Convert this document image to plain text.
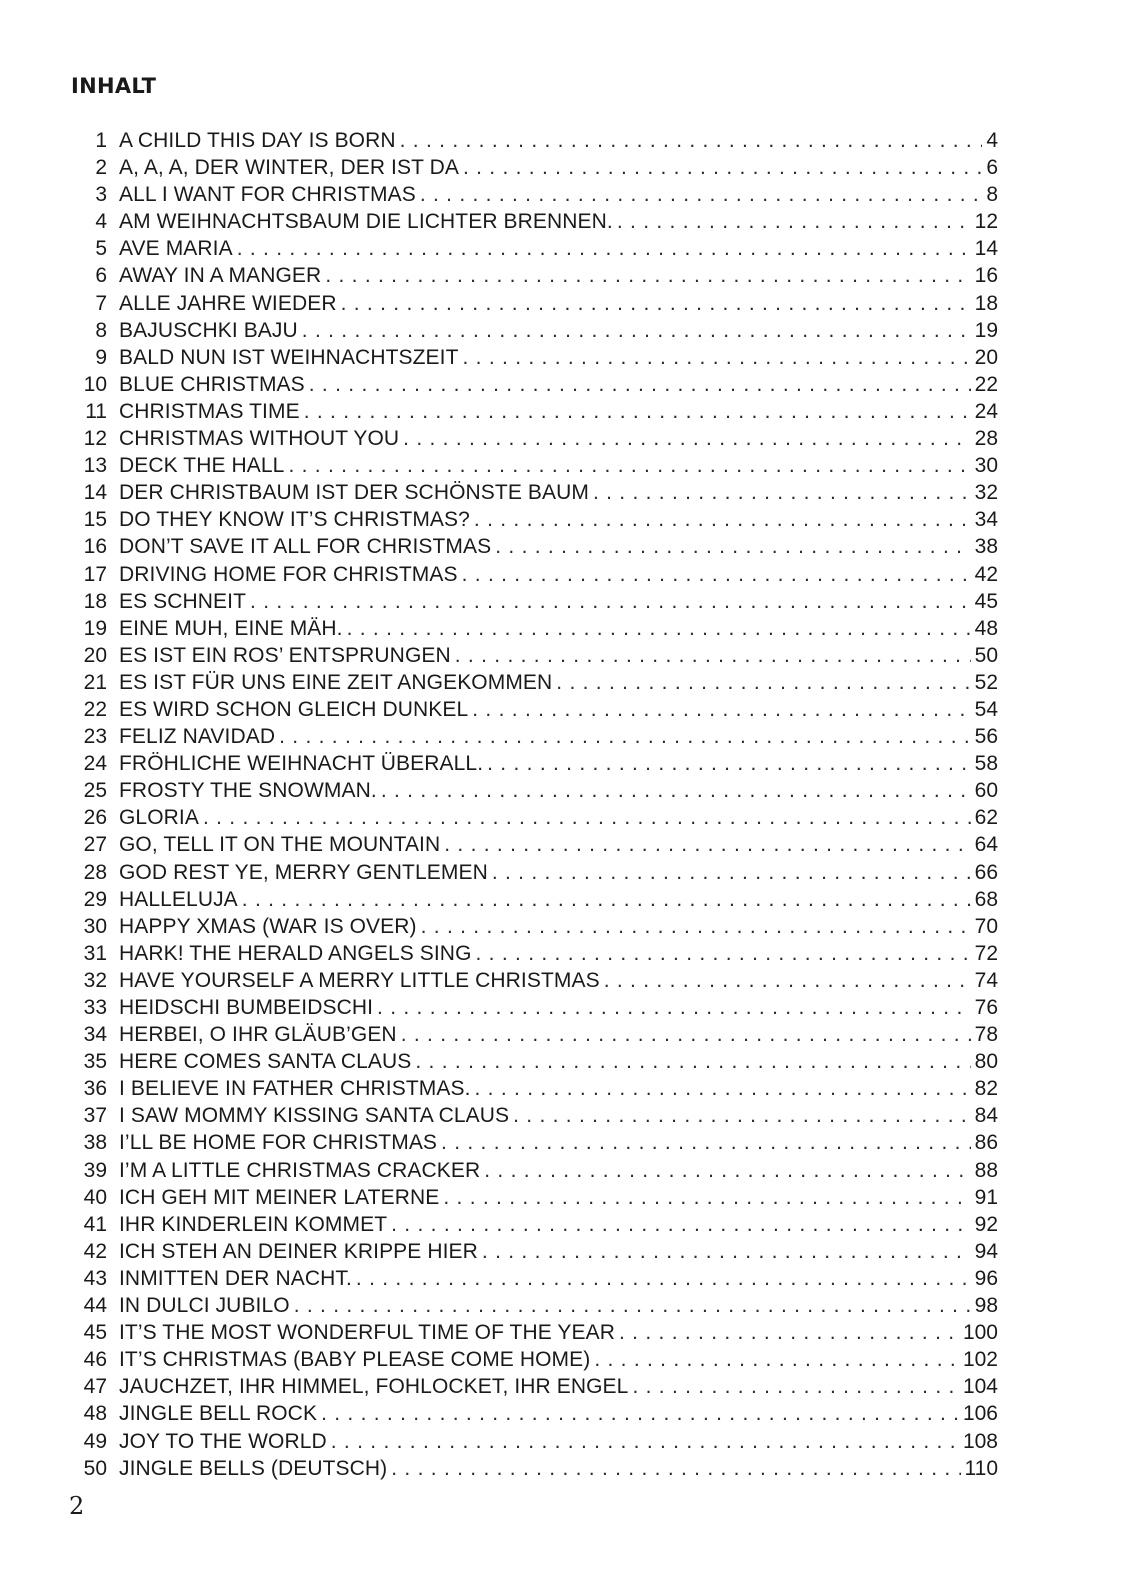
INHALT
1 A CHILD THIS DAY IS BORN . . .	4
2 A, A, A, DER WINTER, DER IST DA . . .	6
3 ALL I WANT FOR CHRISTMAS . . .	8
4 AM WEIHNACHTSBAUM DIE LICHTER BRENNEN. . . .	12
5 AVE MARIA . . .	14
6 AWAY IN A MANGER . . .	16
7 ALLE JAHRE WIEDER . . .	18
8 BAJUSCHKI BAJU . . .	19
9 BALD NUN IST WEIHNACHTSZEIT . . .	20
10 BLUE CHRISTMAS . . .	22
11 CHRISTMAS TIME . . .	24
12 CHRISTMAS WITHOUT YOU . . .	28
13 DECK THE HALL . . .	30
14 DER CHRISTBAUM IST DER SCHÖNSTE BAUM . . .	32
15 DO THEY KNOW IT’S CHRISTMAS? . . .	34
16 DON’T SAVE IT ALL FOR CHRISTMAS . . .	38
17 DRIVING HOME FOR CHRISTMAS . . .	42
18 ES SCHNEIT . . .	45
19 EINE MUH, EINE MÄH. . . .	48
20 ES IST EIN ROS’ ENTSPRUNGEN . . .	50
21 ES IST FÜR UNS EINE ZEIT ANGEKOMMEN . . .	52
22 ES WIRD SCHON GLEICH DUNKEL . . .	54
23 FELIZ NAVIDAD . . .	56
24 FRÖHLICHE WEIHNACHT ÜBERALL. . . .	58
25 FROSTY THE SNOWMAN. . . .	60
26 GLORIA . . .	62
27 GO, TELL IT ON THE MOUNTAIN . . .	64
28 GOD REST YE, MERRY GENTLEMEN . . .	66
29 HALLELUJA . . .	68
30 HAPPY XMAS (WAR IS OVER) . . .	70
31 HARK! THE HERALD ANGELS SING . . .	72
32 HAVE YOURSELF A MERRY LITTLE CHRISTMAS . . .	74
33 HEIDSCHI BUMBEIDSCHI . . .	76
34 HERBEI, O IHR GLÄUB’GEN . . .	78
35 HERE COMES SANTA CLAUS . . .	80
36 I BELIEVE IN FATHER CHRISTMAS. . . .	82
37 I SAW MOMMY KISSING SANTA CLAUS . . .	84
38 I’LL BE HOME FOR CHRISTMAS . . .	86
39 I’M A LITTLE CHRISTMAS CRACKER . . .	88
40 ICH GEH MIT MEINER LATERNE . . .	91
41 IHR KINDERLEIN KOMMET . . .	92
42 ICH STEH AN DEINER KRIPPE HIER . . .	94
43 INMITTEN DER NACHT. . . .	96
44 IN DULCI JUBILO . . .	98
45 IT’S THE MOST WONDERFUL TIME OF THE YEAR . . .	100
46 IT’S CHRISTMAS (BABY PLEASE COME HOME) . . .	102
47 JAUCHZET, IHR HIMMEL, FOHLOCKET, IHR ENGEL . . .	104
48 JINGLE BELL ROCK . . .	106
49 JOY TO THE WORLD . . .	108
50 JINGLE BELLS (DEUTSCH) . . .	110
2
